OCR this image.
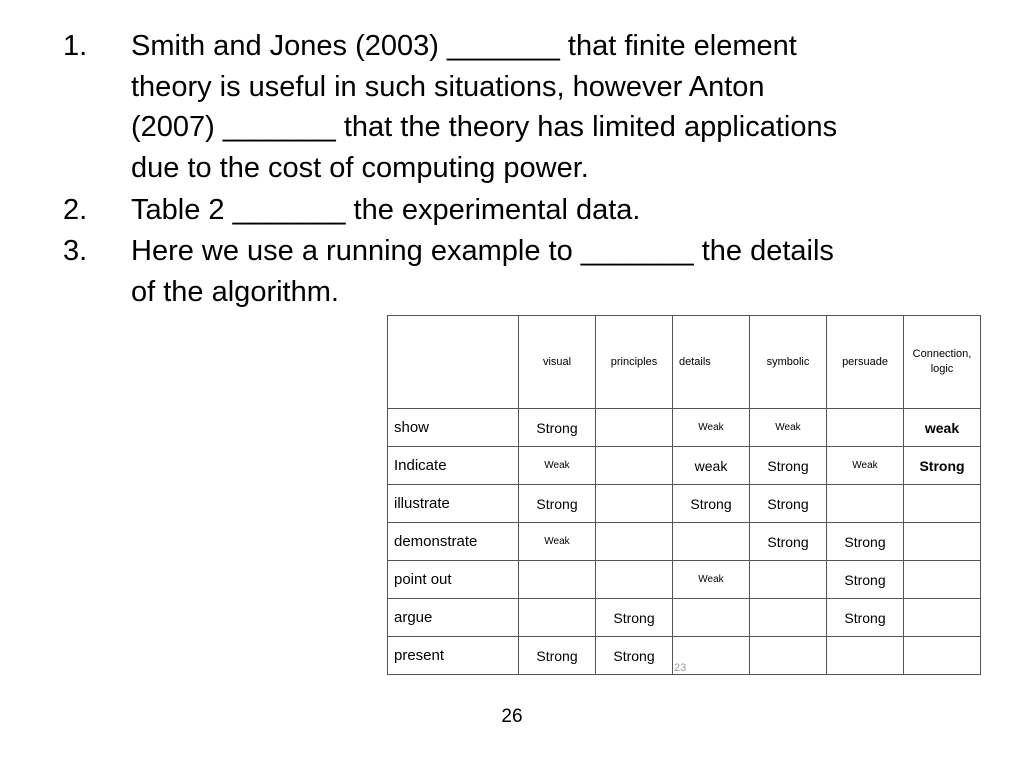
1. Smith and Jones (2003) _______ that finite element
theory is useful in such situations, however Anton
(2007) _______ that the theory has limited applications
due to the cost of computing power.
2. Table 2 _______ the experimental data.
3. Here we use a running example to _______ the details
of the algorithm.
	visual	principles	details	symbolic	persuade	Connection, logic
show	Strong		Weak	Weak		weak
Indicate	Weak		weak	Strong	Weak	Strong
illustrate	Strong		Strong	Strong		
demonstrate	Weak			Strong	Strong	
point out			Weak		Strong	
argue		Strong			Strong	
present	Strong	Strong	23			
26
